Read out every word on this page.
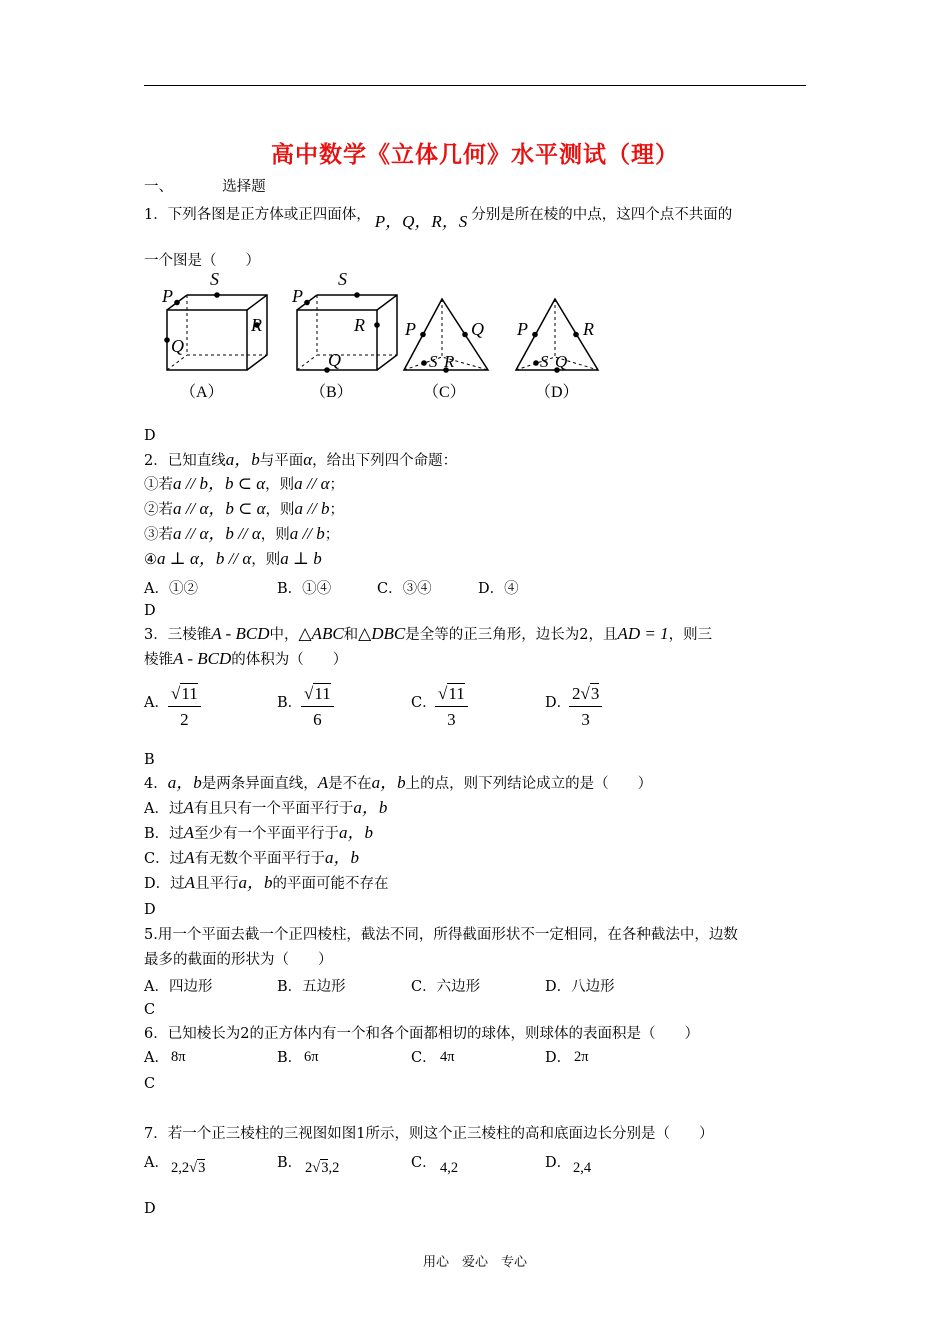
高中数学《立体几何》水平测试（理）
一、	选择题
1．下列各图是正方体或正四面体， P，Q，R，S 分别是所在棱的中点，这四个点不共面的
一个图是（　　）
P
S
R
Q
（A）
P
S
R
Q
（B）
P	Q
S R
（C）
P	R
S Q
（D）
D
2．已知直线a，b与平面α，给出下列四个命题：
①若a // b，b ⊂ α，则a // α；
②若a // α，b ⊂ α，则a // b；
③若a // α，b // α，则a // b；
④a ⊥ α，b // α，则a ⊥ b
A．①②	B．①④	C．③④	D．④
D
3．三棱锥A - BCD中，△ABC和△DBC是全等的正三角形，边长为2，且AD = 1，则三
棱锥A - BCD的体积为（　　）
A． $\frac{√11}{2}$	B．
$\frac{√11}{6}$	C．
$\frac{√11}{3}$	D．
$\frac{2√3}{3}$
B
4．a，b是两条异面直线，A是不在a，b上的点，则下列结论成立的是（　　）
A．过A有且只有一个平面平行于a，b
B．过A至少有一个平面平行于a，b
C．过A有无数个平面平行于a，b
D．过A且平行a，b的平面可能不存在
D
5.用一个平面去截一个正四棱柱，截法不同，所得截面形状不一定相同，在各种截法中，边数
最多的截面的形状为（　　）
A．四边形	B．五边形	C．六边形	D．八边形
C
6．已知棱长为2的正方体内有一个和各个面都相切的球体，则球体的表面积是（　　）
A． 8π	B． 6π	C． 4π	D． 2π
C
7．若一个正三棱柱的三视图如图1所示，则这个正三棱柱的高和底面边长分别是（　　）
A． 2,2√3	B． 2√3,2	C． 4,2	D． 2,4
D
用心　爱心　专心
